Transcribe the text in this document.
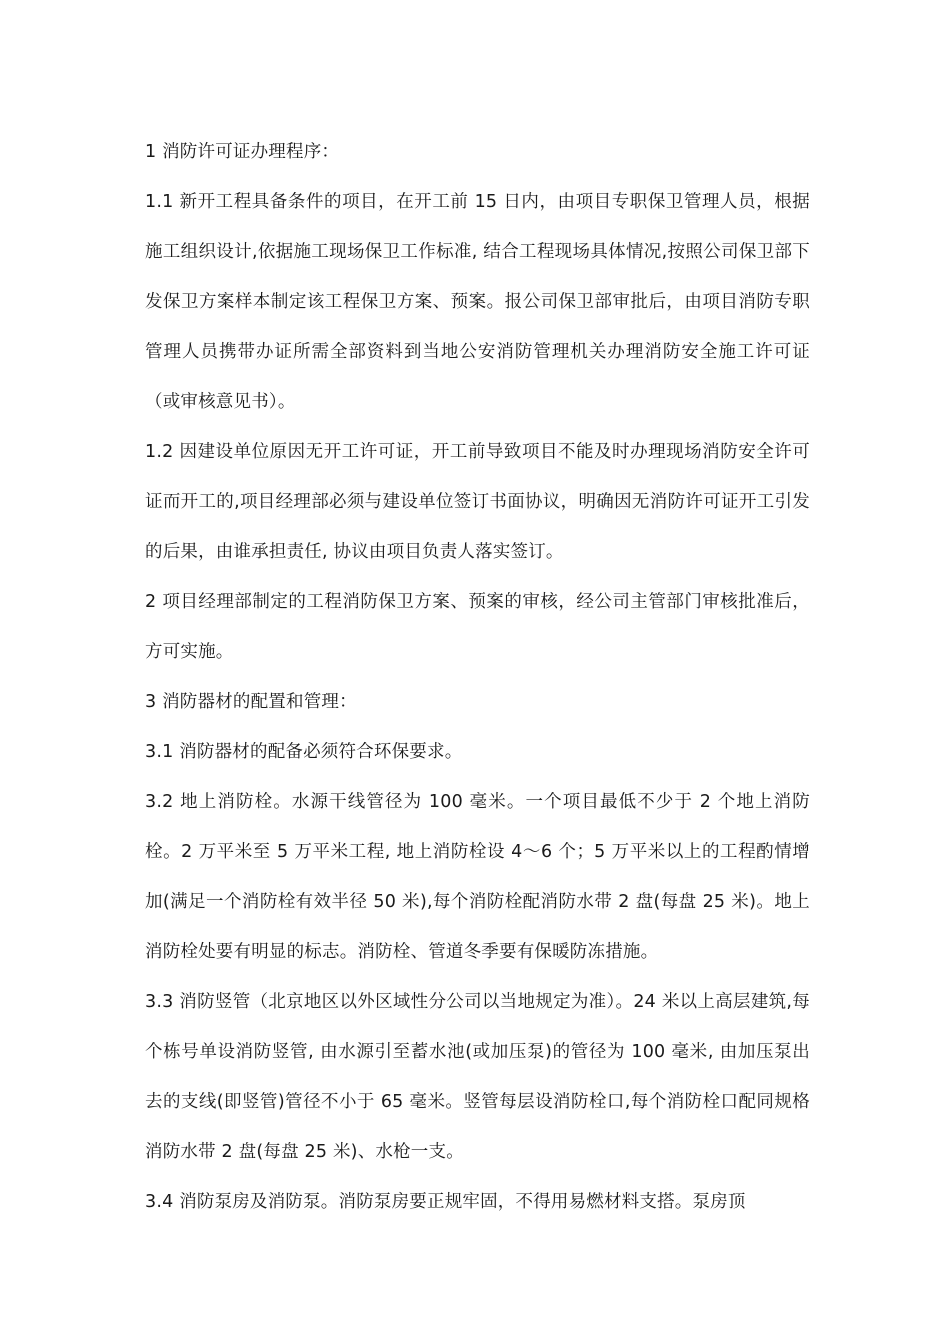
1 消防许可证办理程序：

1.1 新开工程具备条件的项目，在开工前 15 日内，由项目专职保卫管理人员，根据施工组织设计,依据施工现场保卫工作标准, 结合工程现场具体情况,按照公司保卫部下发保卫方案样本制定该工程保卫方案、预案。报公司保卫部审批后，由项目消防专职管理人员携带办证所需全部资料到当地公安消防管理机关办理消防安全施工许可证（或审核意见书）。

1.2 因建设单位原因无开工许可证，开工前导致项目不能及时办理现场消防安全许可证而开工的,项目经理部必须与建设单位签订书面协议，明确因无消防许可证开工引发的后果，由谁承担责任, 协议由项目负责人落实签订。

2 项目经理部制定的工程消防保卫方案、预案的审核，经公司主管部门审核批准后，方可实施。

3 消防器材的配置和管理：

3.1 消防器材的配备必须符合环保要求。

3.2 地上消防栓。水源干线管径为 100 毫米。一个项目最低不少于 2 个地上消防栓。2 万平米至 5 万平米工程, 地上消防栓设 4～6 个；5 万平米以上的工程酌情增加(满足一个消防栓有效半径 50 米),每个消防栓配消防水带 2 盘(每盘 25 米)。地上消防栓处要有明显的标志。消防栓、管道冬季要有保暖防冻措施。

3.3 消防竖管（北京地区以外区域性分公司以当地规定为准）。24 米以上高层建筑,每个栋号单设消防竖管, 由水源引至蓄水池(或加压泵)的管径为 100 毫米, 由加压泵出去的支线(即竖管)管径不小于 65 毫米。竖管每层设消防栓口,每个消防栓口配同规格消防水带 2 盘(每盘 25 米)、水枪一支。

3.4 消防泵房及消防泵。消防泵房要正规牢固，不得用易燃材料支搭。泵房顶
